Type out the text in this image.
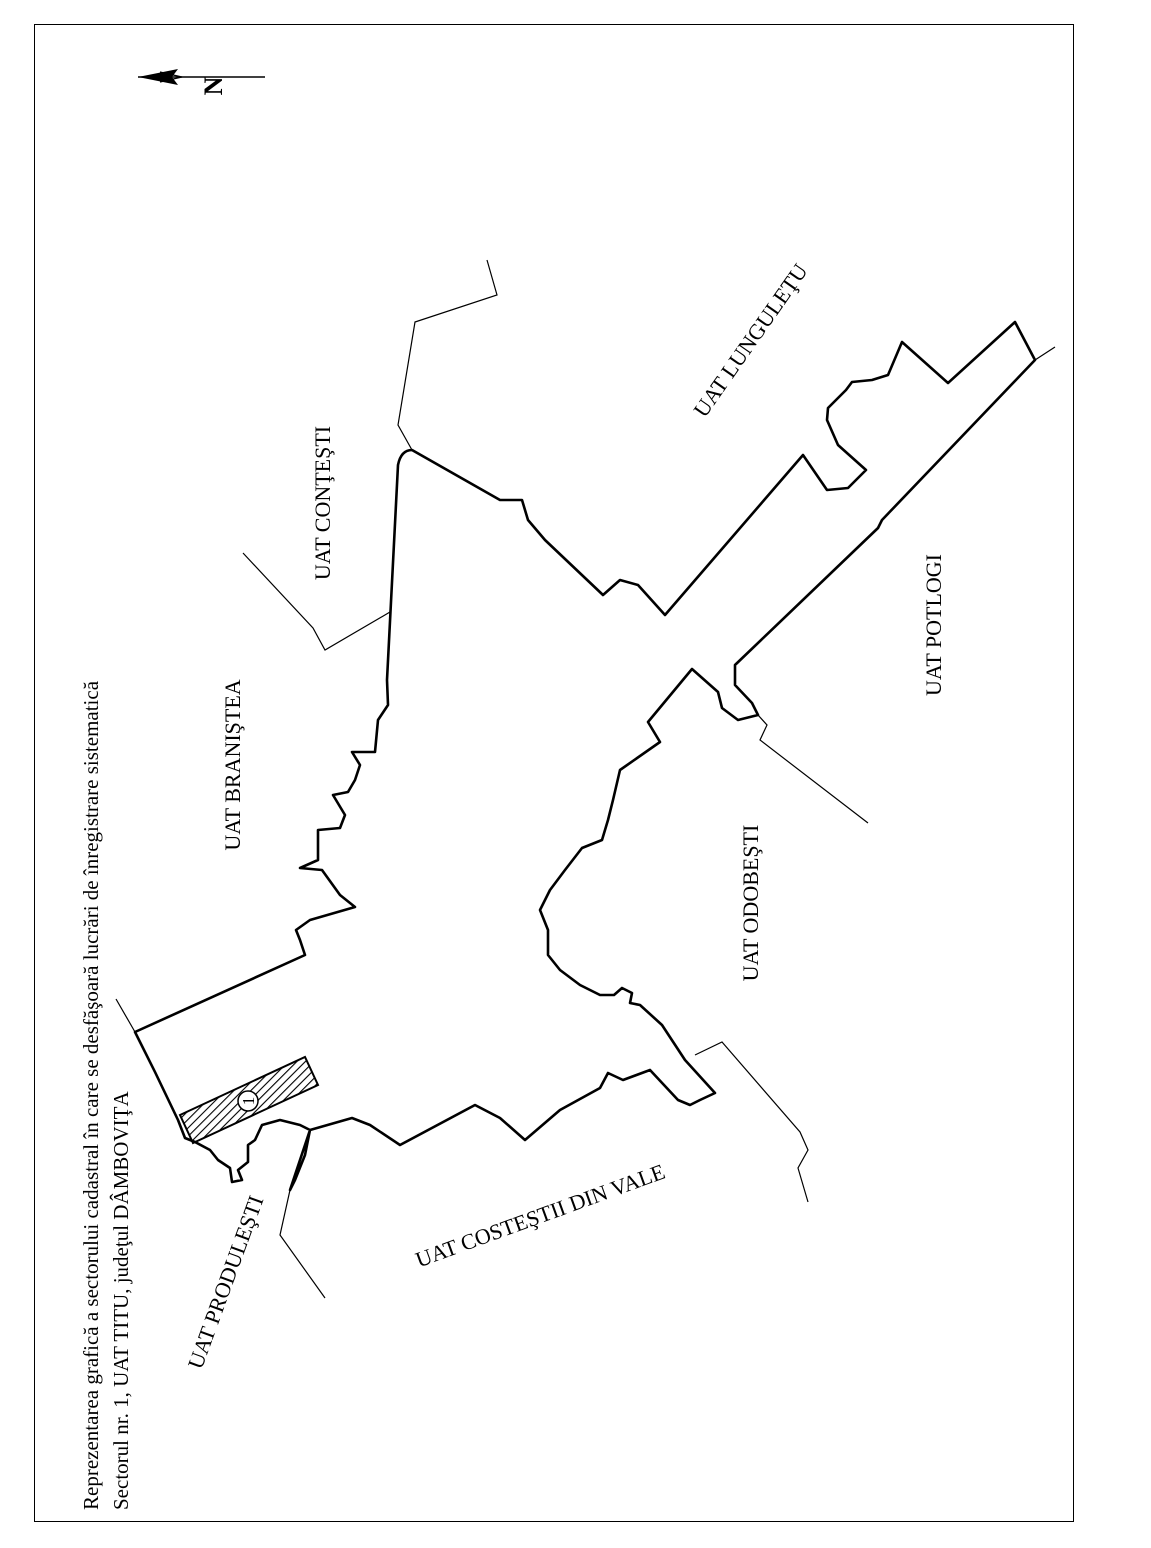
Reprezentarea grafică a sectorului cadastral în care se desfăşoară lucrări de înregistrare sistematică Sectorul nr. 1, UAT TITU, judeţul DÂMBOVIŢA
N
1
UAT BRANIŞTEA
UAT CONŢEŞTI
UAT LUNGULEŢU
UAT POTLOGI
UAT ODOBEŞTI
UAT COSTEŞTII DIN VALE
UAT PRODULEŞTI
